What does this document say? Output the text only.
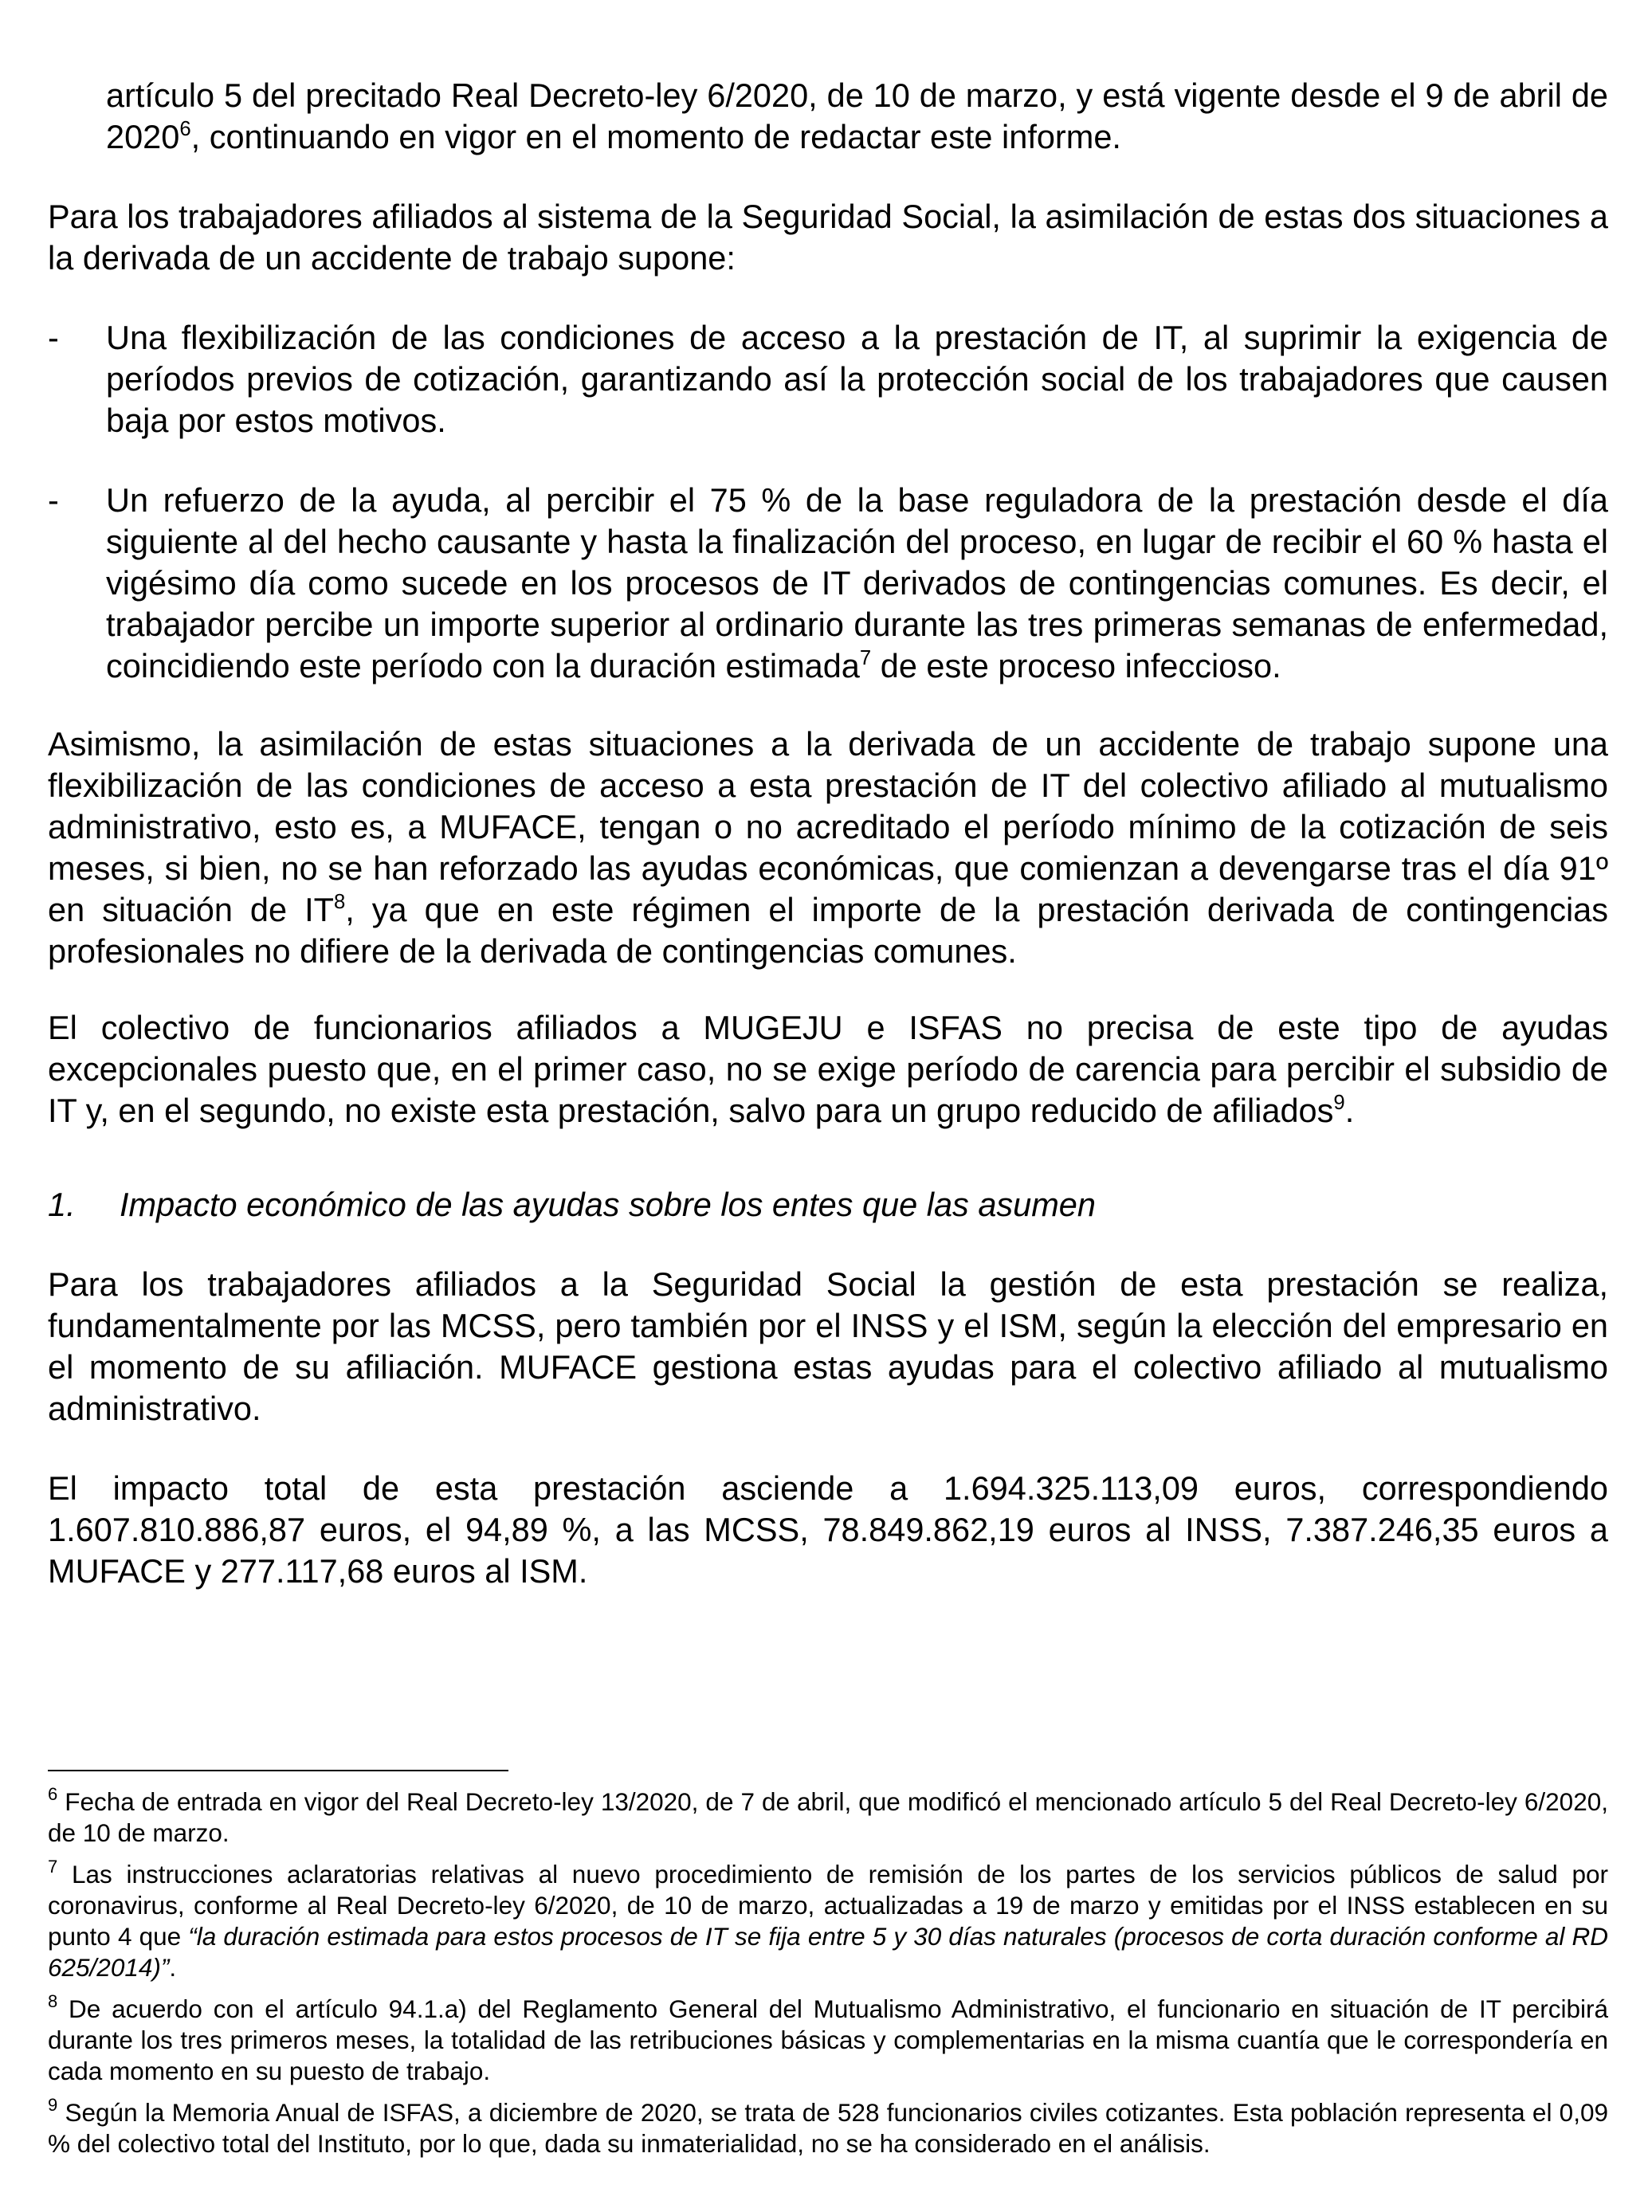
artículo 5 del precitado Real Decreto-ley 6/2020, de 10 de marzo, y está vigente desde el 9 de abril de 2020$^6$, continuando en vigor en el momento de redactar este informe.

Para los trabajadores afiliados al sistema de la Seguridad Social, la asimilación de estas dos situaciones a la derivada de un accidente de trabajo supone:

- Una flexibilización de las condiciones de acceso a la prestación de IT, al suprimir la exigencia de períodos previos de cotización, garantizando así la protección social de los trabajadores que causen baja por estos motivos.

- Un refuerzo de la ayuda, al percibir el 75 % de la base reguladora de la prestación desde el día siguiente al del hecho causante y hasta la finalización del proceso, en lugar de recibir el 60 % hasta el vigésimo día como sucede en los procesos de IT derivados de contingencias comunes. Es decir, el trabajador percibe un importe superior al ordinario durante las tres primeras semanas de enfermedad, coincidiendo este período con la duración estimada$^7$ de este proceso infeccioso.

Asimismo, la asimilación de estas situaciones a la derivada de un accidente de trabajo supone una flexibilización de las condiciones de acceso a esta prestación de IT del colectivo afiliado al mutualismo administrativo, esto es, a MUFACE, tengan o no acreditado el período mínimo de la cotización de seis meses, si bien, no se han reforzado las ayudas económicas, que comienzan a devengarse tras el día 91º en situación de $IT^8$, ya que en este régimen el importe de la prestación derivada de contingencias profesionales no difiere de la derivada de contingencias comunes.

El colectivo de funcionarios afiliados a MUGEJU e ISFAS no precisa de este tipo de ayudas excepcionales puesto que, en el primer caso, no se exige período de carencia para percibir el subsidio de IT y, en el segundo, no existe esta prestación, salvo para un grupo reducido de afiliados$^9$.

1. Impacto económico de las ayudas sobre los entes que las asumen

Para los trabajadores afiliados a la Seguridad Social la gestión de esta prestación se realiza, fundamentalmente por las MCSS, pero también por el INSS y el ISM, según la elección del empresario en el momento de su afiliación. MUFACE gestiona estas ayudas para el colectivo afiliado al mutualismo administrativo.

El impacto total de esta prestación asciende a 1.694.325.113,09 euros, correspondiendo 1.607.810.886,87 euros, el 94,89 %, a las MCSS, 78.849.862,19 euros al INSS, 7.387.246,35 euros a MUFACE y 277.117,68 euros al ISM.

$^6$ Fecha de entrada en vigor del Real Decreto-ley 13/2020, de 7 de abril, que modificó el mencionado artículo 5 del Real Decreto-ley 6/2020, de 10 de marzo.

$^7$ Las instrucciones aclaratorias relativas al nuevo procedimiento de remisión de los partes de los servicios públicos de salud por coronavirus, conforme al Real Decreto-ley 6/2020, de 10 de marzo, actualizadas a 19 de marzo y emitidas por el INSS establecen en su punto 4 que “la duración estimada para estos procesos de IT se fija entre 5 y 30 días naturales (procesos de corta duración conforme al RD 625/2014)”.

$^8$ De acuerdo con el artículo 94.1.a) del Reglamento General del Mutualismo Administrativo, el funcionario en situación de IT percibirá durante los tres primeros meses, la totalidad de las retribuciones básicas y complementarias en la misma cuantía que le correspondería en cada momento en su puesto de trabajo.

$^9$ Según la Memoria Anual de ISFAS, a diciembre de 2020, se trata de 528 funcionarios civiles cotizantes. Esta población representa el 0,09 % del colectivo total del Instituto, por lo que, dada su inmaterialidad, no se ha considerado en el análisis.
